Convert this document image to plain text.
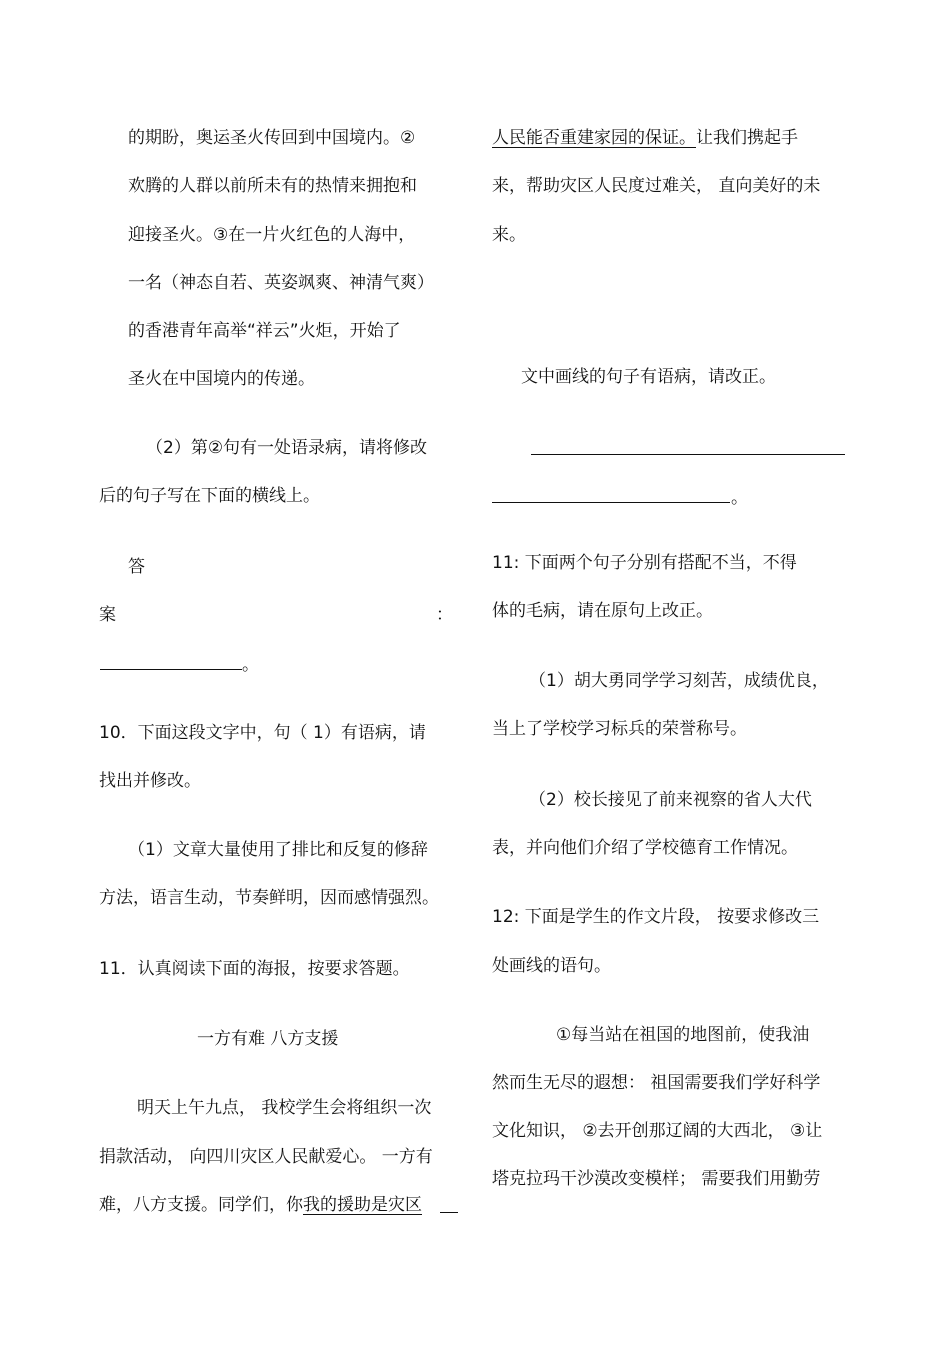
的期盼，奥运圣火传回到中国境内。②
欢腾的人群以前所未有的热情来拥抱和
迎接圣火。③在一片火红色的人海中，
一名（神态自若、英姿飒爽、神清气爽）
的香港青年高举“祥云”火炬，开始了
圣火在中国境内的传递。
（2）第②句有一处语录病，请将修改
后的句子写在下面的横线上。
答
案	：
。
10．下面这段文字中，句（ 1）有语病，请
找出并修改。
（1）文章大量使用了排比和反复的修辞
方法，语言生动，节奏鲜明，因而感情强烈。
11．认真阅读下面的海报，按要求答题。
一方有难 八方支援
明天上午九点， 我校学生会将组织一次
捐款活动， 向四川灾区人民献爱心。 一方有
难，八方支援。同学们，你我的援助是灾区
人民能否重建家园的保证。让我们携起手
来，帮助灾区人民度过难关， 直向美好的未
来。
文中画线的句子有语病，请改正。
。
11: 下面两个句子分别有搭配不当，不得
体的毛病，请在原句上改正。
（1）胡大勇同学学习刻苦，成绩优良，
当上了学校学习标兵的荣誉称号。
（2）校长接见了前来视察的省人大代
表，并向他们介绍了学校德育工作情况。
12: 下面是学生的作文片段， 按要求修改三
处画线的语句。
①每当站在祖国的地图前，使我油
然而生无尽的遐想： 祖国需要我们学好科学
文化知识， ②去开创那辽阔的大西北， ③让
塔克拉玛干沙漠改变模样； 需要我们用勤劳
